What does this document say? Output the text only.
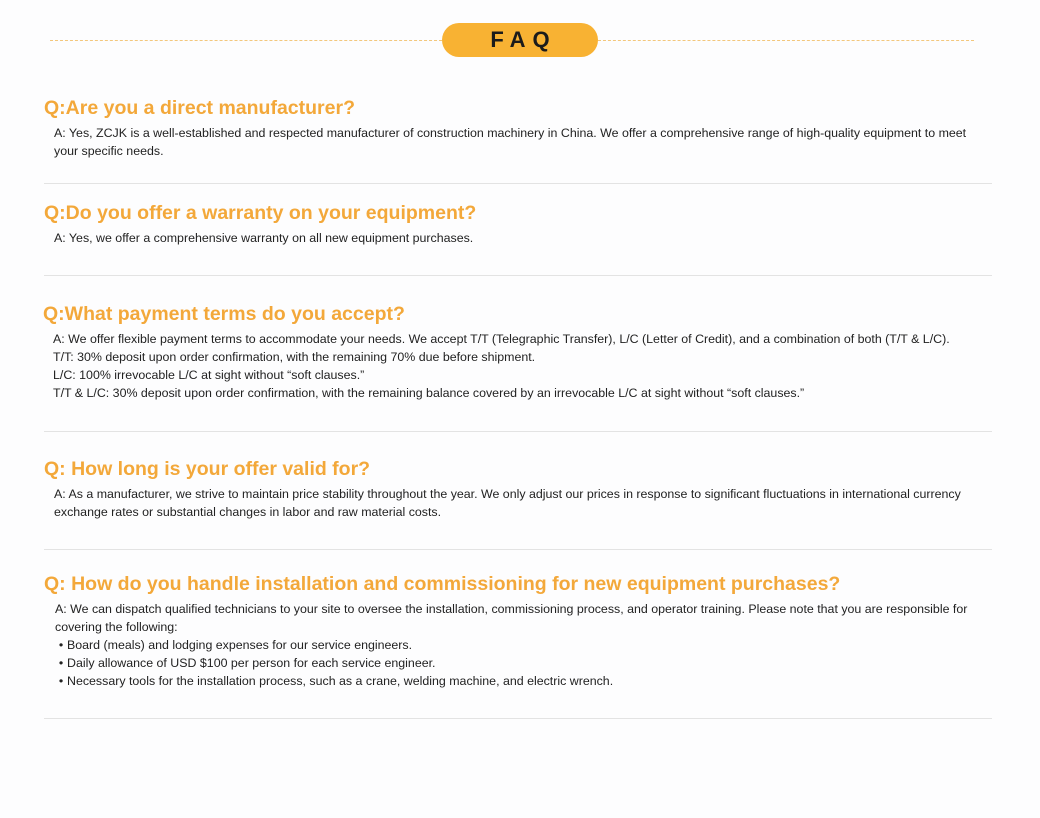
FAQ

Q:Are you a direct manufacturer?

A: Yes, ZCJK is a well-established and respected manufacturer of construction machinery in China. We offer a comprehensive range of high-quality equipment to meet your specific needs.

Q:Do you offer a warranty on your equipment?

A: Yes, we offer a comprehensive warranty on all new equipment purchases.

Q:What payment terms do you accept?

A: We offer flexible payment terms to accommodate your needs. We accept T/T (Telegraphic Transfer), L/C (Letter of Credit), and a combination of both (T/T & L/C).
T/T: 30% deposit upon order confirmation, with the remaining 70% due before shipment.
L/C: 100% irrevocable L/C at sight without “soft clauses.”
T/T & L/C: 30% deposit upon order confirmation, with the remaining balance covered by an irrevocable L/C at sight without “soft clauses.”

Q: How long is your offer valid for?

A: As a manufacturer, we strive to maintain price stability throughout the year. We only adjust our prices in response to significant fluctuations in international currency exchange rates or substantial changes in labor and raw material costs.

Q: How do you handle installation and commissioning for new equipment purchases?

A: We can dispatch qualified technicians to your site to oversee the installation, commissioning process, and operator training. Please note that you are responsible for covering the following:
• Board (meals) and lodging expenses for our service engineers.
• Daily allowance of USD $100 per person for each service engineer.
• Necessary tools for the installation process, such as a crane, welding machine, and electric wrench.
